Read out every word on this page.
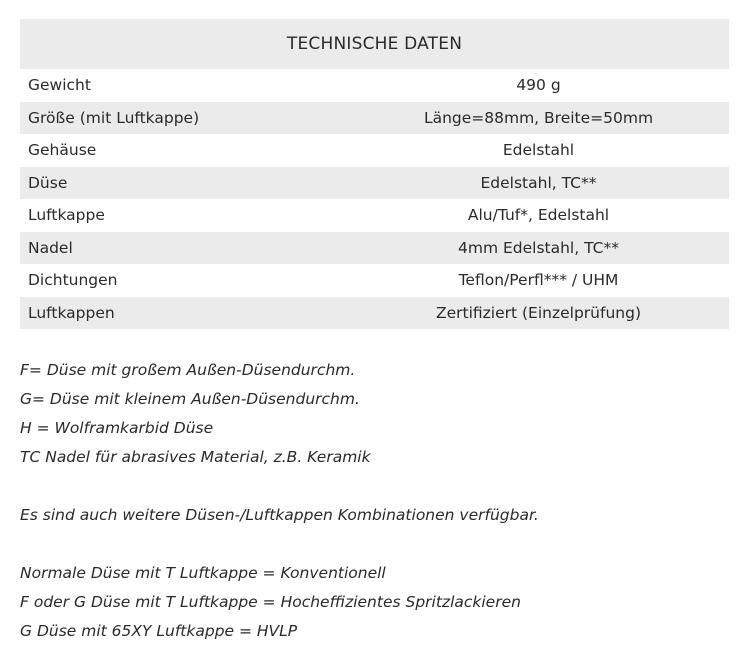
TECHNISCHE DATEN
Gewicht	490 g
Größe (mit Luftkappe)	Länge=88mm, Breite=50mm
Gehäuse	Edelstahl
Düse	Edelstahl, TC**
Luftkappe	Alu/Tuf*, Edelstahl
Nadel	4mm Edelstahl, TC**
Dichtungen	Teflon/Perfl*** / UHM
Luftkappen	Zertifiziert (Einzelprüfung)
F= Düse mit großem Außen-Düsendurchm.
G= Düse mit kleinem Außen-Düsendurchm.
H = Wolframkarbid Düse
TC Nadel für abrasives Material, z.B. Keramik
Es sind auch weitere Düsen-/Luftkappen Kombinationen verfügbar.
Normale Düse mit T Luftkappe = Konventionell
F oder G Düse mit T Luftkappe = Hocheffizientes Spritzlackieren
G Düse mit 65XY Luftkappe = HVLP
